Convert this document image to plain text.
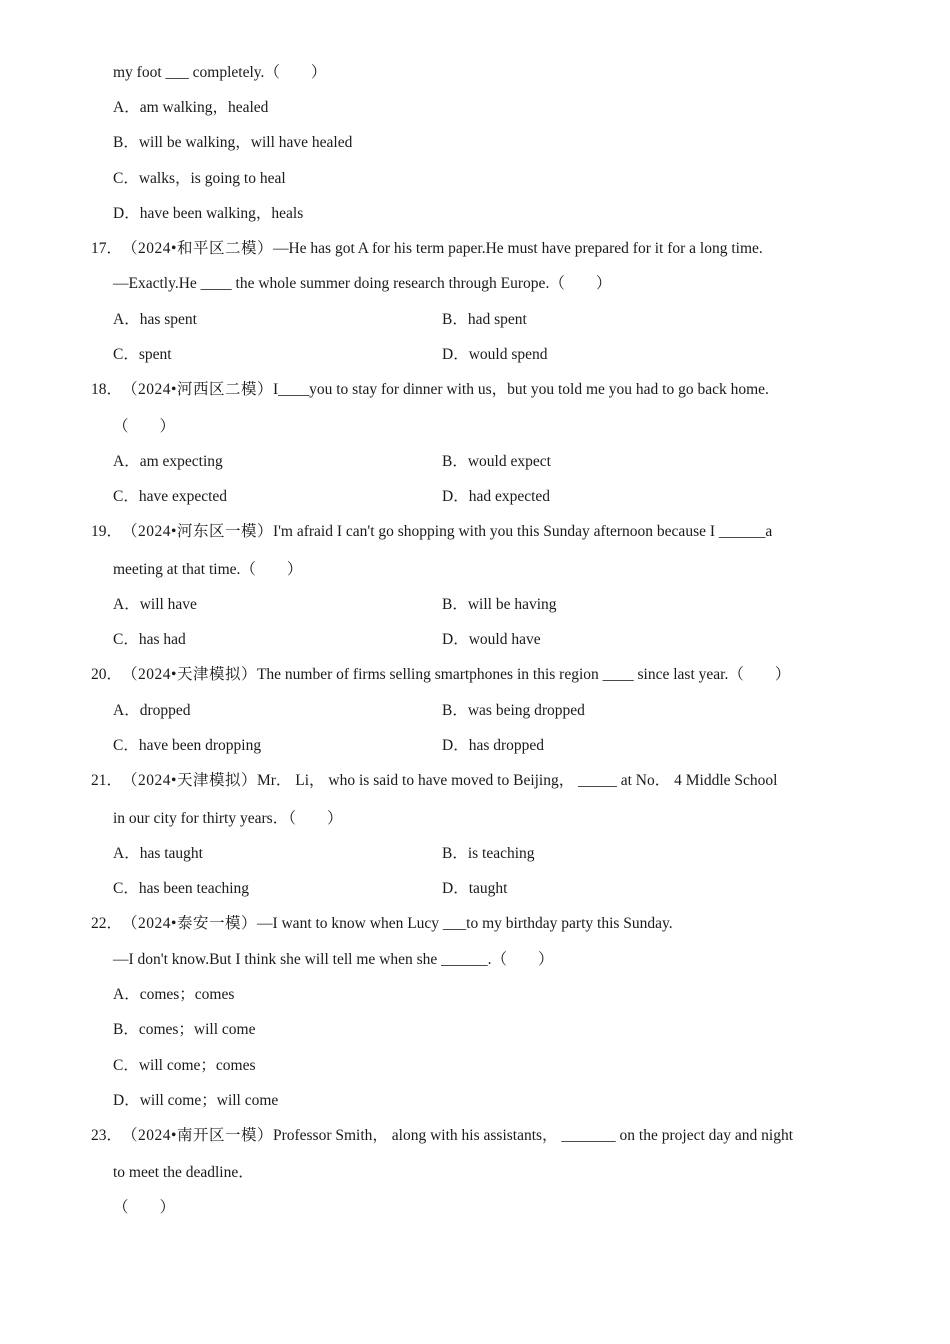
my foot ___ completely.（　　）
A．am walking，healed
B．will be walking，will have healed
C．walks，is going to heal
D．have been walking，heals
17．（2024•和平区二模）—He has got A for his term paper.He must have prepared for it for a long time.
—Exactly.He ____ the whole summer doing research through Europe.（　　）
A．has spent	B．had spent
C．spent	D．would spend
18．（2024•河西区二模）I____you to stay for dinner with us，but you told me you had to go back home.
（　　）
A．am expecting	B．would expect
C．have expected	D．had expected
19．（2024•河东区一模）I'm afraid I can't go shopping with you this Sunday afternoon because I ______a
meeting at that time.（　　）
A．will have	B．will be having
C．has had	D．would have
20．（2024•天津模拟）The number of firms selling smartphones in this region ____ since last year.（　　）
A．dropped	B．was being dropped
C．have been dropping	D．has dropped
21．（2024•天津模拟）Mr． Li， who is said to have moved to Beijing， _____ at No． 4 Middle School
in our city for thirty years．（　　）
A．has taught	B．is teaching
C．has been teaching	D．taught
22．（2024•泰安一模）—I want to know when Lucy ___to my birthday party this Sunday.
—I don't know.But I think she will tell me when she ______.（　　）
A．comes；comes
B．comes；will come
C．will come；comes
D．will come；will come
23．（2024•南开区一模）Professor Smith， along with his assistants， _______ on the project day and night
to meet the deadline．
（　　）
